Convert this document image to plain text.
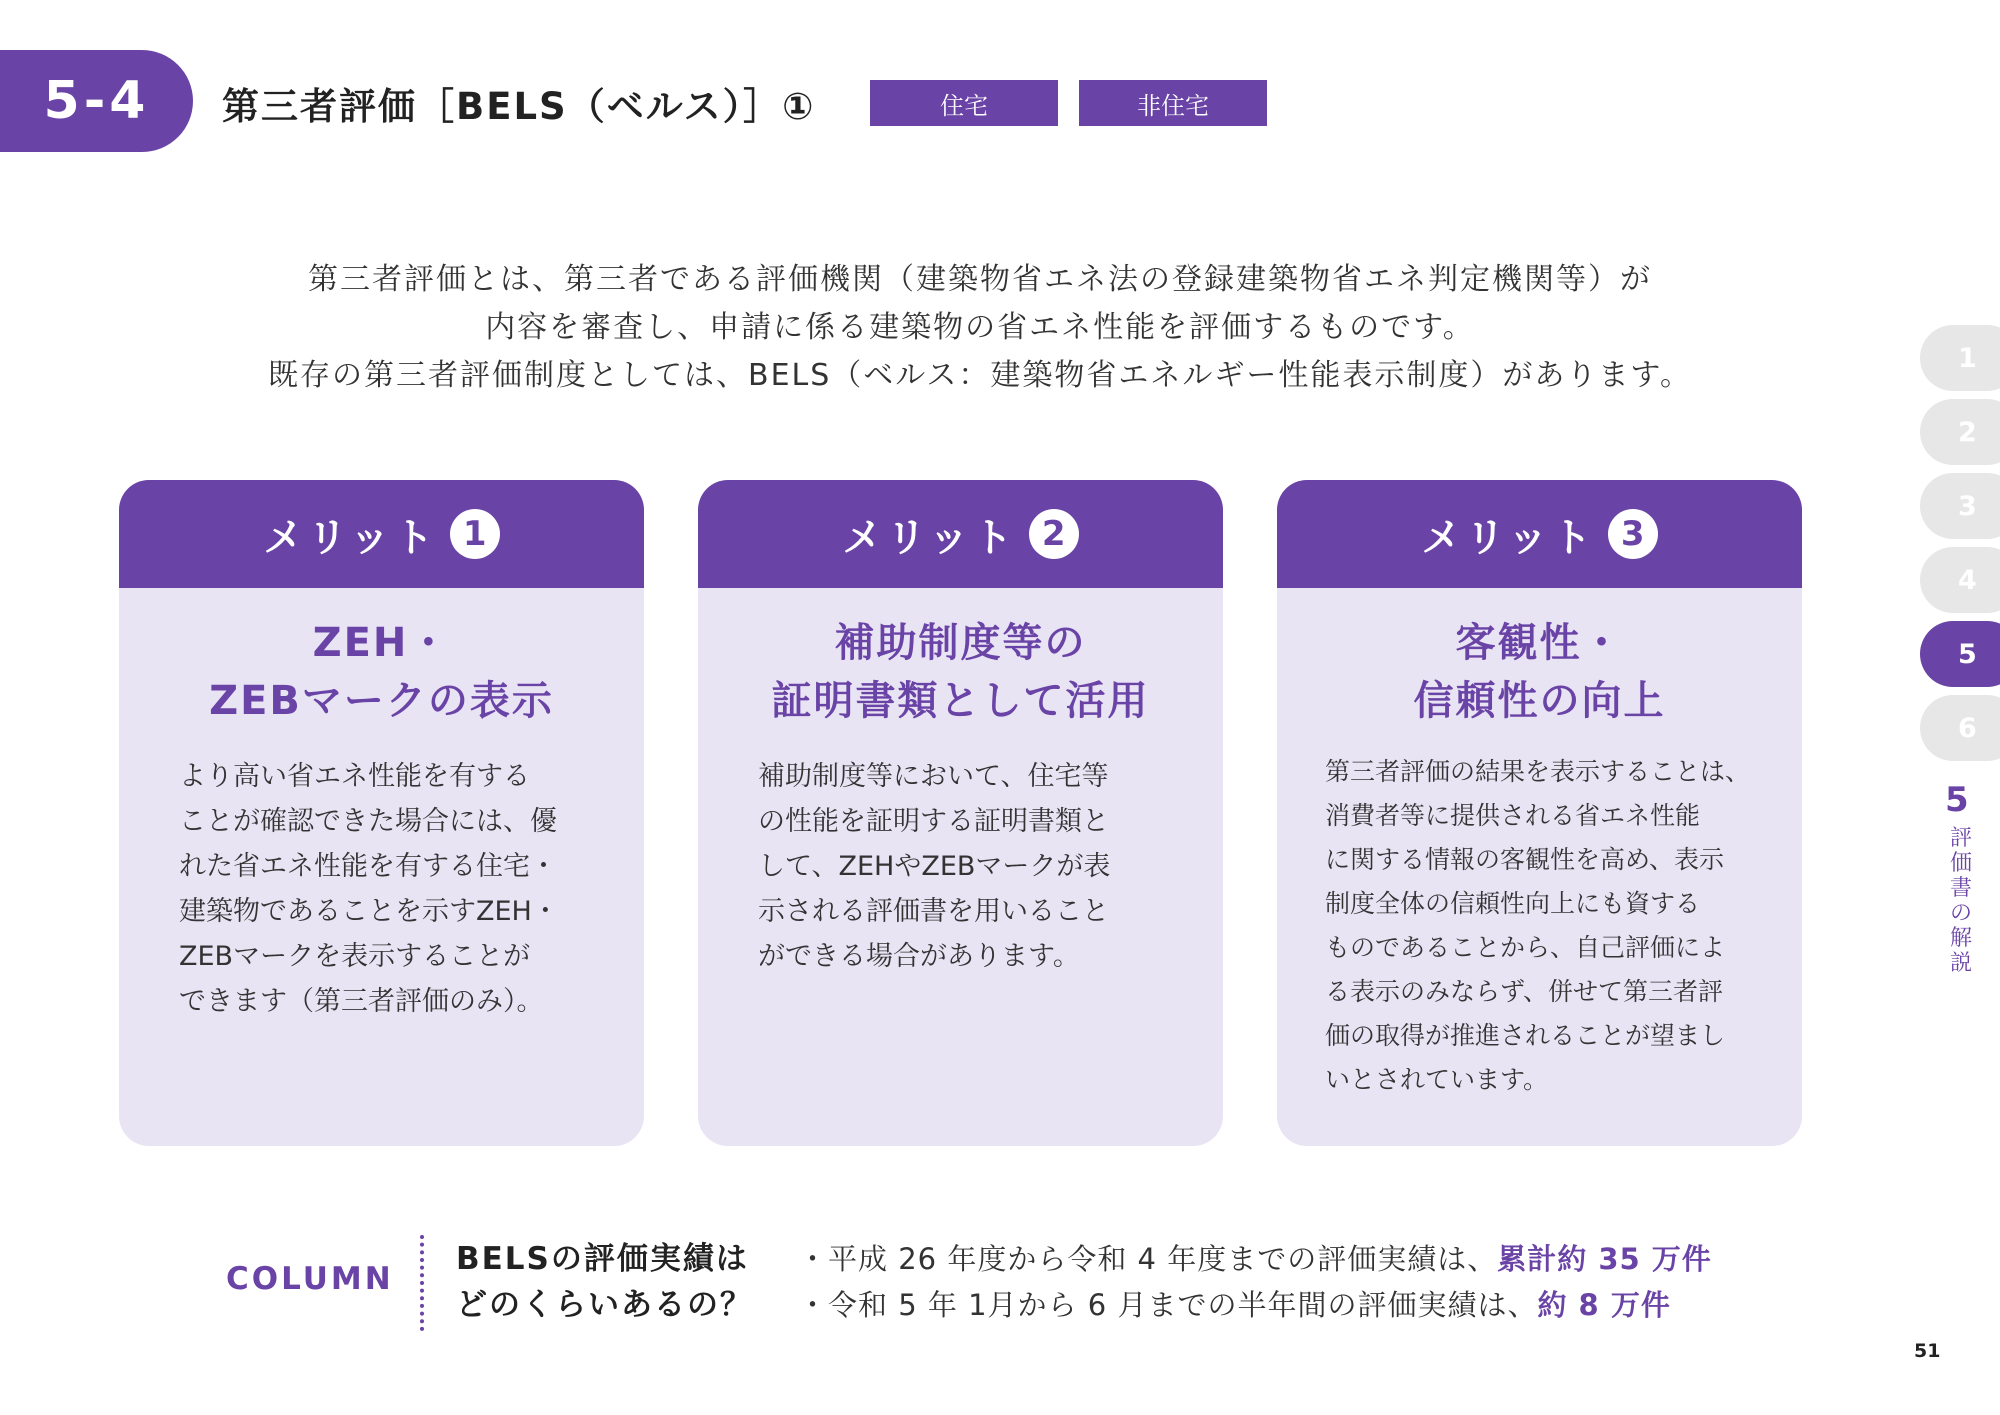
5-4	第三者評価［BELS（ベルス）］①	住宅	非住宅
第三者評価とは、第三者である評価機関（建築物省エネ法の登録建築物省エネ判定機関等）が
内容を審査し、申請に係る建築物の省エネ性能を評価するものです。
既存の第三者評価制度としては、BELS（ベルス：建築物省エネルギー性能表示制度）があります。
メリット 1
ZEH・
ZEBマークの表示
より高い省エネ性能を有する
ことが確認できた場合には、優
れた省エネ性能を有する住宅・
建築物であることを示すZEH・
ZEBマークを表示することが
できます（第三者評価のみ）。
メリット 2
補助制度等の
証明書類として活用
補助制度等において、住宅等
の性能を証明する証明書類と
して、ZEHやZEBマークが表
示される評価書を用いること
ができる場合があります。
メリット 3
客観性・
信頼性の向上
第三者評価の結果を表示することは、
消費者等に提供される省エネ性能
に関する情報の客観性を高め、表示
制度全体の信頼性向上にも資する
ものであることから、自己評価によ
る表示のみならず、併せて第三者評
価の取得が推進されることが望まし
いとされています。
1
2
3
4
5
6
5
評価書の解説
COLUMN
BELSの評価実績は
どのくらいあるの？
・平成 26 年度から令和 4 年度までの評価実績は、累計約 35 万件
・令和 5 年 1月から 6 月までの半年間の評価実績は、約 8 万件
51
